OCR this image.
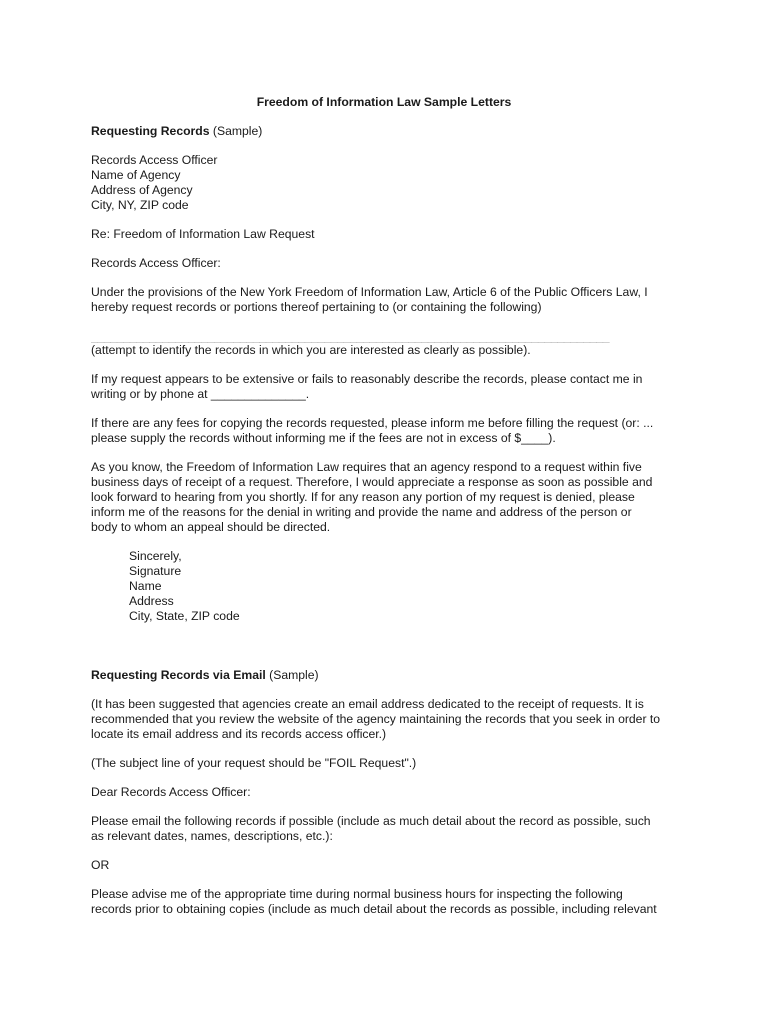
Freedom of Information Law Sample Letters
Requesting Records (Sample)
Records Access Officer
Name of Agency
Address of Agency
City, NY, ZIP code
Re: Freedom of Information Law Request
Records Access Officer:
Under the provisions of the New York Freedom of Information Law, Article 6 of the Public Officers Law, I
hereby request records or portions thereof pertaining to (or containing the following)
________________________________________________________________________________
(attempt to identify the records in which you are interested as clearly as possible).
If my request appears to be extensive or fails to reasonably describe the records, please contact me in
writing or by phone at ______________.
If there are any fees for copying the records requested, please inform me before filling the request (or: ...
please supply the records without informing me if the fees are not in excess of $____).
As you know, the Freedom of Information Law requires that an agency respond to a request within five
business days of receipt of a request. Therefore, I would appreciate a response as soon as possible and
look forward to hearing from you shortly. If for any reason any portion of my request is denied, please
inform me of the reasons for the denial in writing and provide the name and address of the person or
body to whom an appeal should be directed.
Sincerely,
Signature
Name
Address
City, State, ZIP code
Requesting Records via Email (Sample)
(It has been suggested that agencies create an email address dedicated to the receipt of requests. It is
recommended that you review the website of the agency maintaining the records that you seek in order to
locate its email address and its records access officer.)
(The subject line of your request should be "FOIL Request".)
Dear Records Access Officer:
Please email the following records if possible (include as much detail about the record as possible, such
as relevant dates, names, descriptions, etc.):
OR
Please advise me of the appropriate time during normal business hours for inspecting the following
records prior to obtaining copies (include as much detail about the records as possible, including relevant
